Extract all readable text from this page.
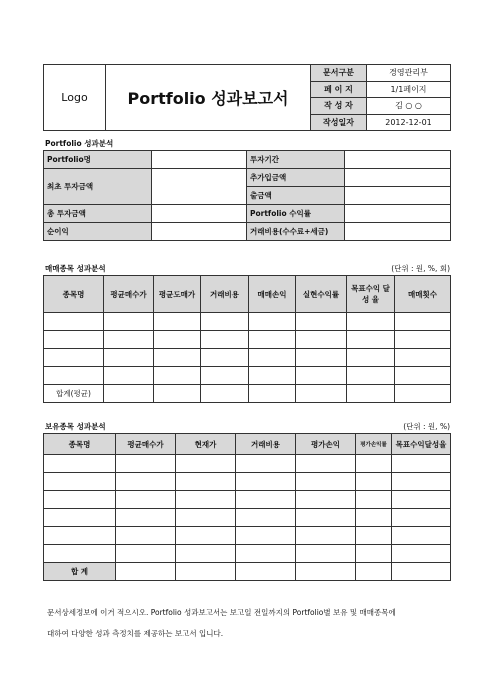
Logo	Portfolio 성과보고서	문서구분	경영관리부
		페 이 지	1/1페이지
		작 성 자	김 ○ ○
		작성일자	2012-12-01
Portfolio 성과분석
Portfolio명		투자기간	
최초 투자금액		추가입금액	
		출금액	
총 투자금액		Portfolio 수익률	
순이익		거래비용(수수료+세금)	
매매종목 성과분석	(단위 : 원, %, 회)
종목명	평균매수가	평균도매가	거래비용	매매손익	실현수익률	목표수익 달 성 율	매매횟수

합계(평균)							
보유종목 성과분석	(단위 : 원, %)
종목명	평균매수가	현재가	거래비용	평가손익	평가손익률	목표수익달성율

합 계						
문서상세정보에 이거 적으시오. Portfolio 성과보고서는 보고일 전일까지의 Portfolio별 보유 및 매매종목에
대하여 다양한 성과 측정치를 제공하는 보고서 입니다.
